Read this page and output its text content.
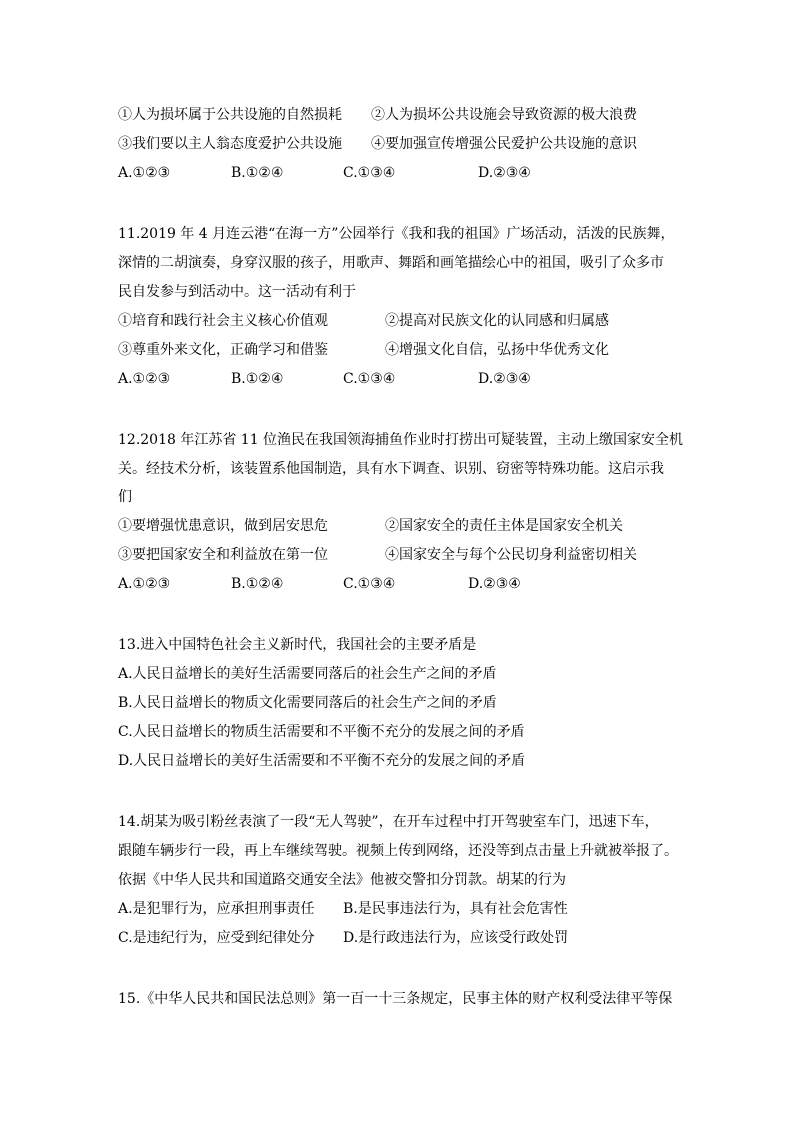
①人为损坏属于公共设施的自然损耗 ②人为损坏公共设施会导致资源的极大浪费
③我们要以主人翁态度爱护公共设施 ④要加强宣传增强公民爱护公共设施的意识
A.①②③	B.①②④	C.①③④	D.②③④
11.2019 年 4 月连云港“在海一方”公园举行《我和我的祖国》广场活动，活泼的民族舞，
深情的二胡演奏，身穿汉服的孩子，用歌声、舞蹈和画笔描绘心中的祖国，吸引了众多市
民自发参与到活动中。这一活动有利于
①培育和践行社会主义核心价值观	②提高对民族文化的认同感和归属感
③尊重外来文化，正确学习和借鉴	④增强文化自信，弘扬中华优秀文化
A.①②③	B.①②④	C.①③④	D.②③④
12.2018 年江苏省 11 位渔民在我国领海捕鱼作业时打捞出可疑装置，主动上缴国家安全机
关。经技术分析，该装置系他国制造，具有水下调查、识别、窃密等特殊功能。这启示我
们
①要增强忧患意识，做到居安思危	②国家安全的责任主体是国家安全机关
③要把国家安全和利益放在第一位	④国家安全与每个公民切身利益密切相关
A.①②③	B.①②④	C.①③④	D.②③④
13.进入中国特色社会主义新时代，我国社会的主要矛盾是
A.人民日益增长的美好生活需要同落后的社会生产之间的矛盾
B.人民日益增长的物质文化需要同落后的社会生产之间的矛盾
C.人民日益增长的物质生活需要和不平衡不充分的发展之间的矛盾
D.人民日益增长的美好生活需要和不平衡不充分的发展之间的矛盾
14.胡某为吸引粉丝表演了一段“无人驾驶”，在开车过程中打开驾驶室车门，迅速下车，
跟随车辆步行一段，再上车继续驾驶。视频上传到网络，还没等到点击量上升就被举报了。
依据《中华人民共和国道路交通安全法》他被交警扣分罚款。胡某的行为
A.是犯罪行为，应承担刑事责任 B.是民事违法行为，具有社会危害性
C.是违纪行为，应受到纪律处分 D.是行政违法行为，应该受行政处罚
15.《中华人民共和国民法总则》第一百一十三条规定，民事主体的财产权利受法律平等保
